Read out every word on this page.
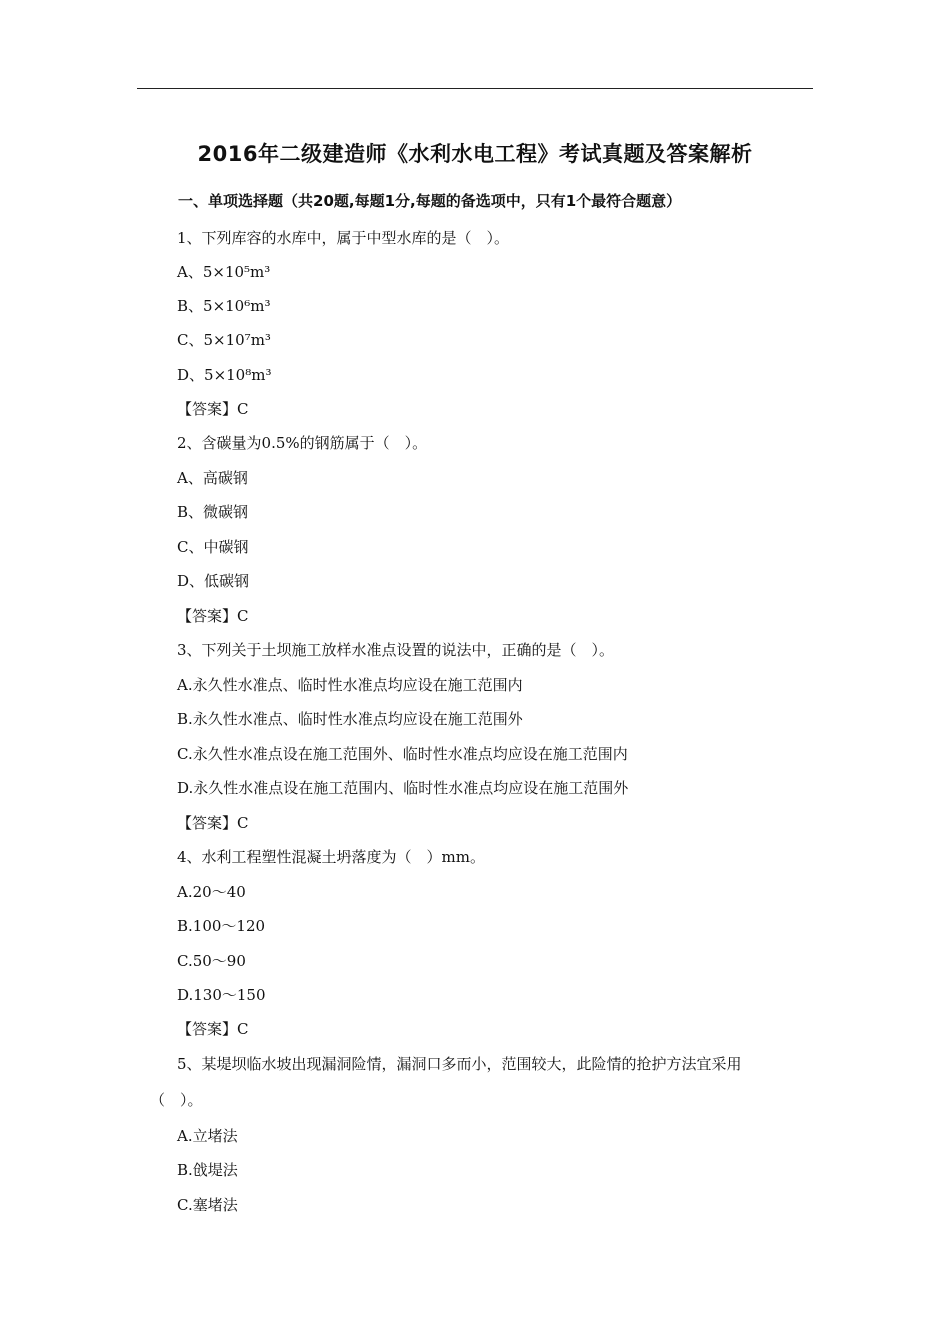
2016年二级建造师《水利水电工程》考试真题及答案解析
一、单项选择题（共20题,每题1分,每题的备选项中，只有1个最符合题意）
1、下列库容的水库中，属于中型水库的是（　）。
A、5×10⁵m³
B、5×10⁶m³
C、5×10⁷m³
D、5×10⁸m³
【答案】C
2、含碳量为0.5%的钢筋属于（　）。
A、高碳钢
B、微碳钢
C、中碳钢
D、低碳钢
【答案】C
3、下列关于土坝施工放样水准点设置的说法中，正确的是（　）。
A.永久性水准点、临时性水准点均应设在施工范围内
B.永久性水准点、临时性水准点均应设在施工范围外
C.永久性水准点设在施工范围外、临时性水准点均应设在施工范围内
D.永久性水准点设在施工范围内、临时性水准点均应设在施工范围外
【答案】C
4、水利工程塑性混凝土坍落度为（　）mm。
A.20～40
B.100～120
C.50～90
D.130～150
【答案】C
5、某堤坝临水坡出现漏洞险情，漏洞口多而小，范围较大，此险情的抢护方法宜采用
（　）。
A.立堵法
B.戗堤法
C.塞堵法
